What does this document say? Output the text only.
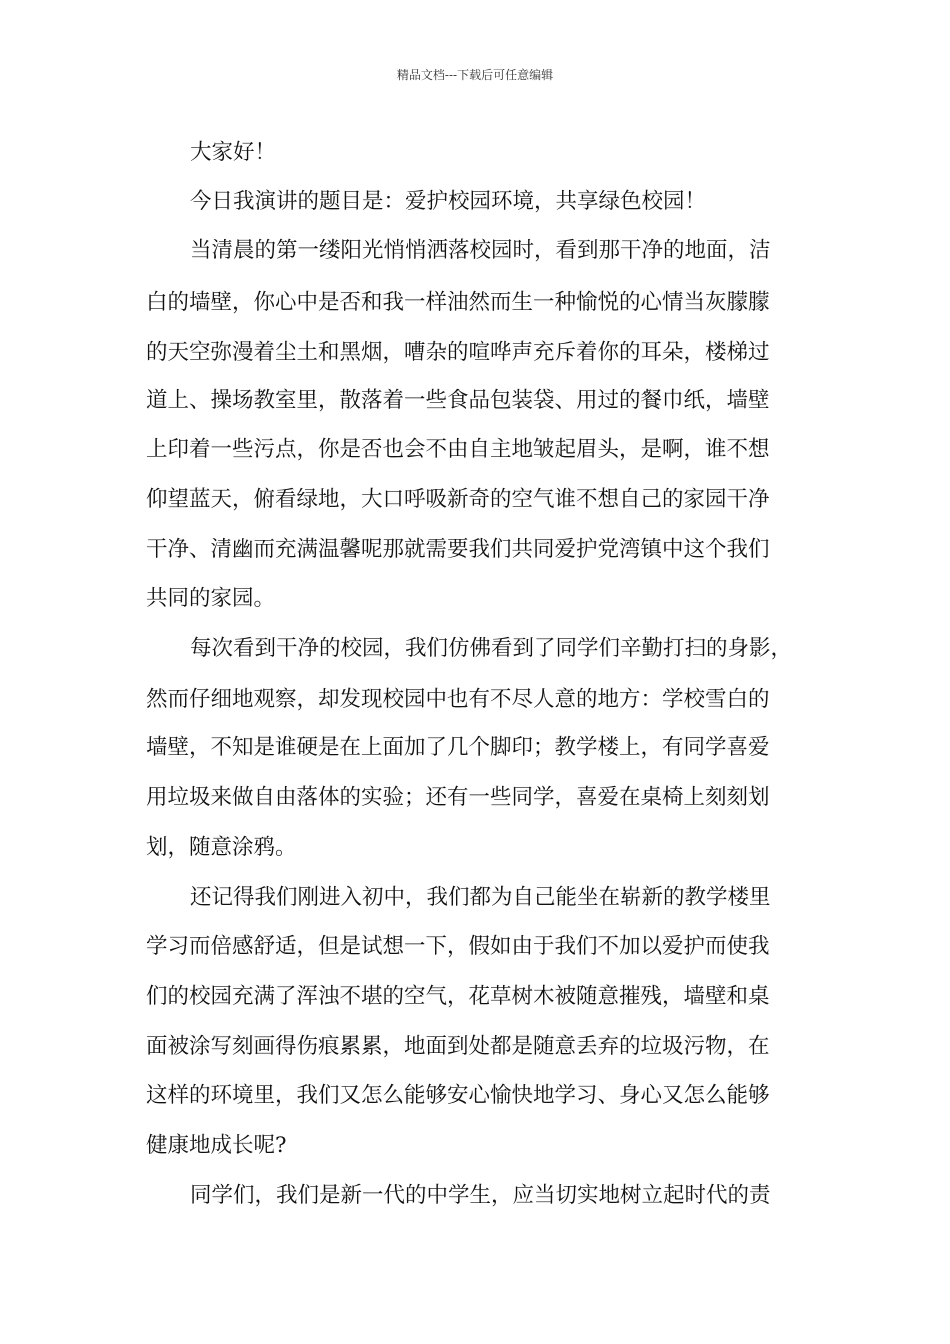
精品文档---下载后可任意编辑
大家好！
今日我演讲的题目是：爱护校园环境，共享绿色校园！
当清晨的第一缕阳光悄悄洒落校园时，看到那干净的地面，洁
白的墙壁，你心中是否和我一样油然而生一种愉悦的心情当灰朦朦
的天空弥漫着尘土和黑烟，嘈杂的喧哗声充斥着你的耳朵，楼梯过
道上、操场教室里，散落着一些食品包装袋、用过的餐巾纸，墙壁
上印着一些污点，你是否也会不由自主地皱起眉头，是啊，谁不想
仰望蓝天，俯看绿地，大口呼吸新奇的空气谁不想自己的家园干净
干净、清幽而充满温馨呢那就需要我们共同爱护党湾镇中这个我们
共同的家园。
每次看到干净的校园，我们仿佛看到了同学们辛勤打扫的身影，
然而仔细地观察，却发现校园中也有不尽人意的地方：学校雪白的
墙壁，不知是谁硬是在上面加了几个脚印；教学楼上，有同学喜爱
用垃圾来做自由落体的实验；还有一些同学，喜爱在桌椅上刻刻划
划，随意涂鸦。
还记得我们刚进入初中，我们都为自己能坐在崭新的教学楼里
学习而倍感舒适，但是试想一下，假如由于我们不加以爱护而使我
们的校园充满了浑浊不堪的空气，花草树木被随意摧残，墙壁和桌
面被涂写刻画得伤痕累累，地面到处都是随意丢弃的垃圾污物，在
这样的环境里，我们又怎么能够安心愉快地学习、身心又怎么能够
健康地成长呢?
同学们，我们是新一代的中学生，应当切实地树立起时代的责
